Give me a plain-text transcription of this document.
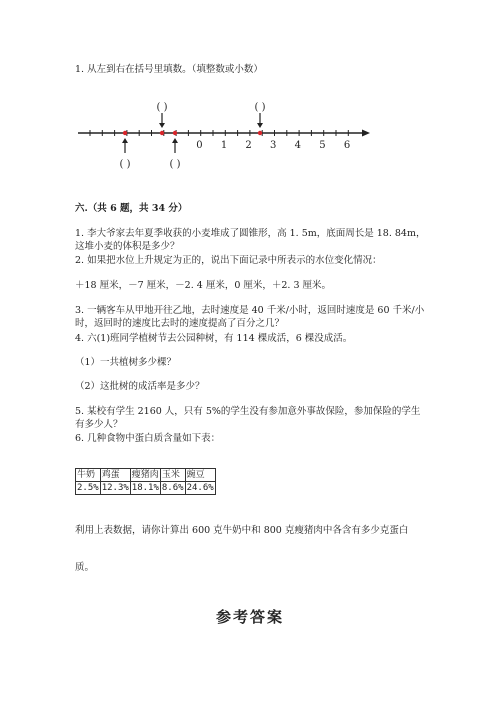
1. 从左到右在括号里填数。（填整数或小数）
0 1 2 3 4 5 6
( )	( )
( )	( )
六.（共 6 题，共 34 分）
1. 李大爷家去年夏季收获的小麦堆成了圆锥形，高 1. 5m，底面周长是 18. 84m，这堆小麦的体积是多少？
2. 如果把水位上升规定为正的，说出下面记录中所表示的水位变化情况：
＋18 厘米，－7 厘米，－2. 4 厘米，0 厘米，＋2. 3 厘米。
3. 一辆客车从甲地开往乙地，去时速度是 40 千米/小时，返回时速度是 60 千米/小时，返回时的速度比去时的速度提高了百分之几？
4. 六(1)班同学植树节去公园种树，有 114 棵成活，6 棵没成活。
（1）一共植树多少棵？
（2）这批树的成活率是多少？
5. 某校有学生 2160 人，只有 5%的学生没有参加意外事故保险，参加保险的学生有多少人？
6. 几种食物中蛋白质含量如下表：
牛奶	鸡蛋	瘦猪肉	玉米	豌豆
2.5%	12.3%	18.1%	8.6%	24.6%
利用上表数据，请你计算出 600 克牛奶中和 800 克瘦猪肉中各含有多少克蛋白
质。
参考答案
